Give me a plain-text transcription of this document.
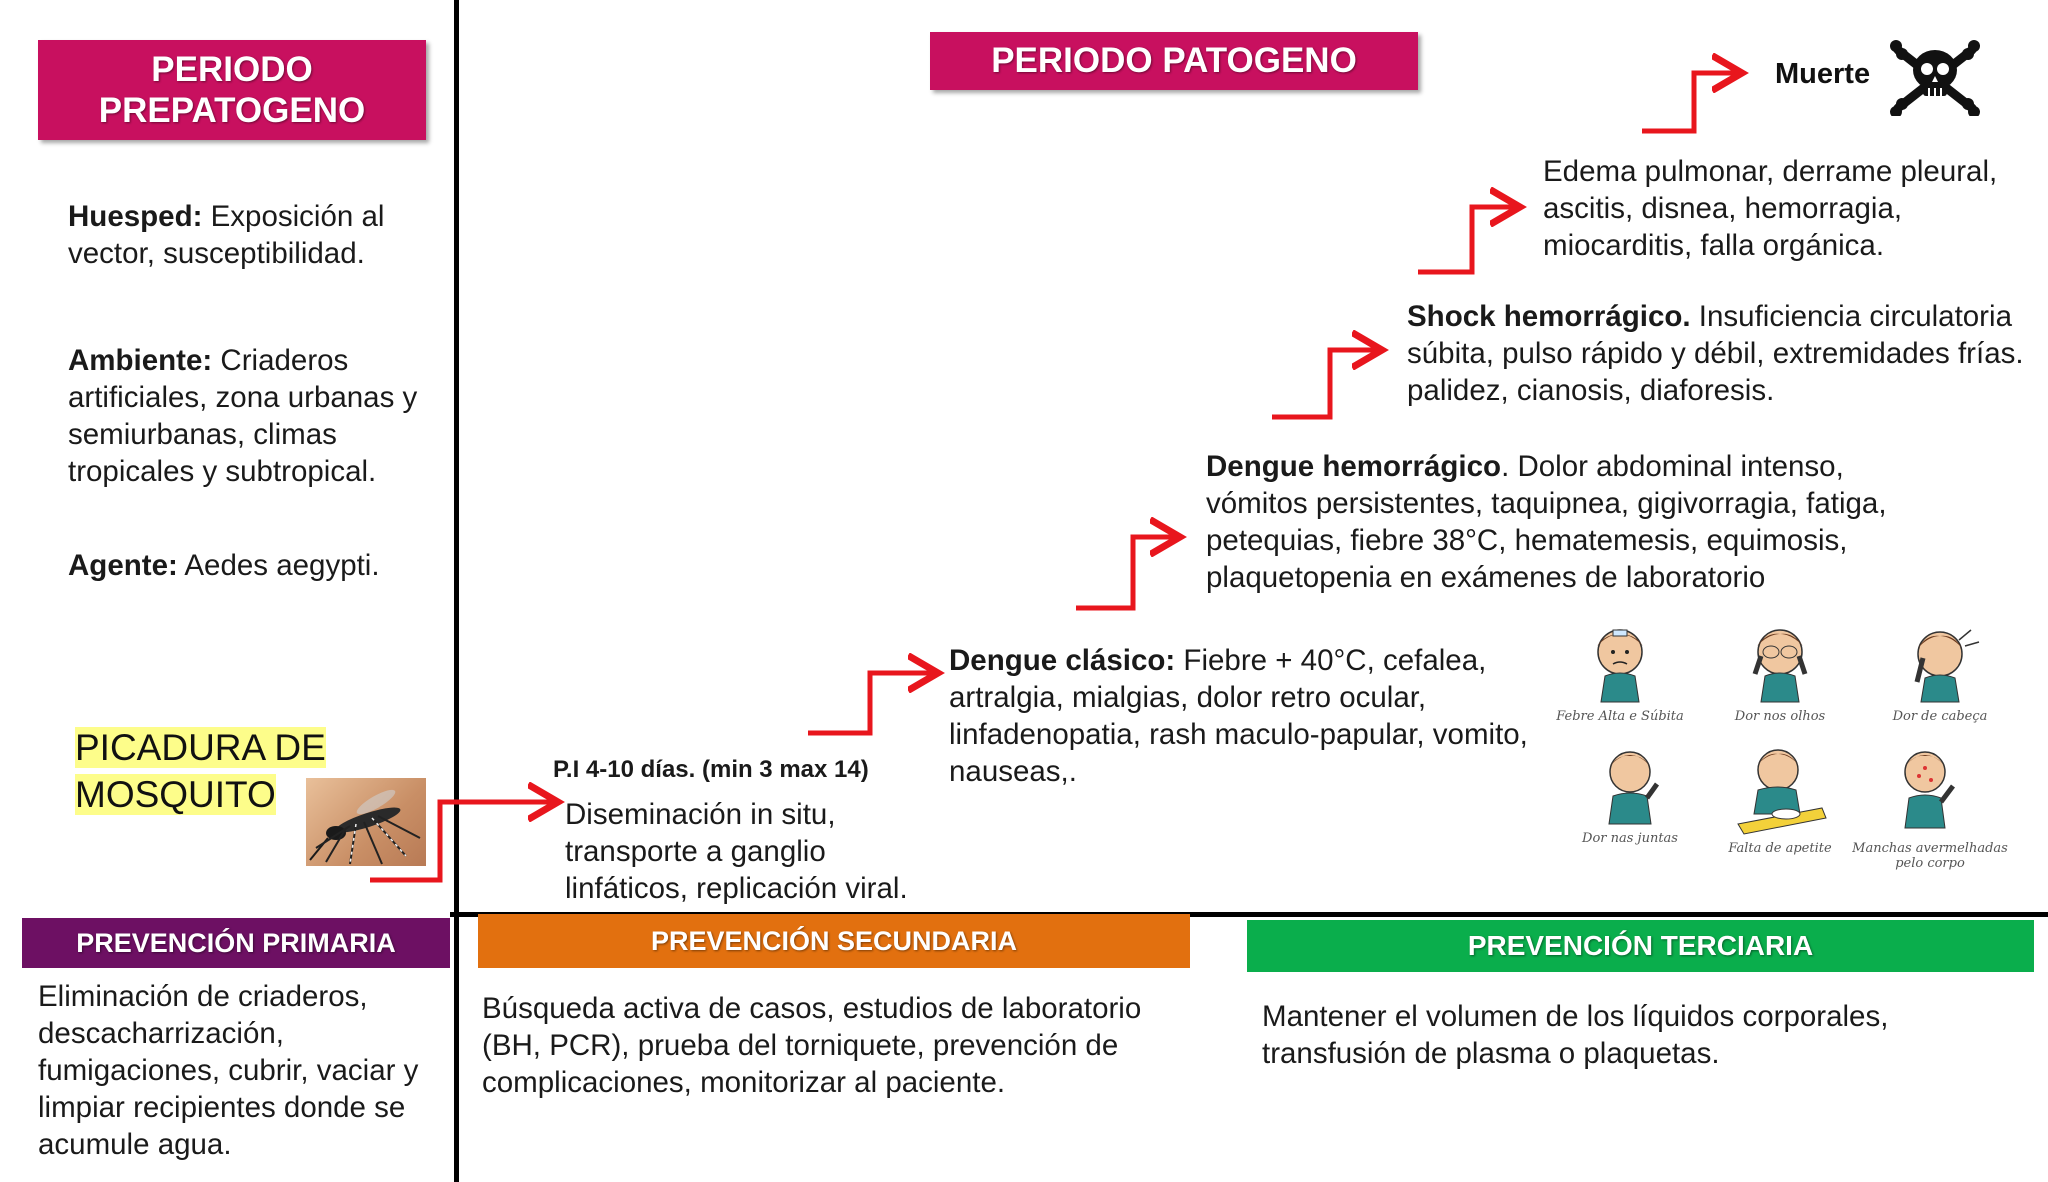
PERIODO PREPATOGENO
PERIODO PATOGENO
Huesped: Exposición al vector, susceptibilidad.
Ambiente: Criaderos artificiales, zona urbanas y semiurbanas, climas tropicales y subtropical.
Agente: Aedes aegypti.
PICADURA DE MOSQUITO
P.I 4-10 días. (min 3 max 14)
Diseminación in situ, transporte a ganglio linfáticos, replicación viral.
Dengue clásico: Fiebre + 40°C, cefalea, artralgia, mialgias, dolor retro ocular, linfadenopatia, rash maculo-papular, vomito, nauseas,.
Dengue hemorrágico. Dolor abdominal intenso, vómitos persistentes, taquipnea, gigivorragia, fatiga, petequias, fiebre 38°C, hematemesis, equimosis, plaquetopenia en exámenes de laboratorio
Shock hemorrágico. Insuficiencia circulatoria súbita, pulso rápido y débil, extremidades frías. palidez, cianosis, diaforesis.
Edema pulmonar, derrame pleural, ascitis, disnea, hemorragia, miocarditis, falla orgánica.
Muerte
Febre Alta e Súbita	Dor nos olhos	Dor de cabeça
Dor nas juntas
Falta de apetite	Manchas avermelhadas pelo corpo
PREVENCIÓN PRIMARIA	PREVENCIÓN SECUNDARIA	PREVENCIÓN TERCIARIA
Eliminación de criaderos, descacharrización, fumigaciones, cubrir, vaciar y limpiar recipientes donde se acumule agua.
Búsqueda activa de casos, estudios de laboratorio (BH, PCR), prueba del torniquete, prevención de complicaciones, monitorizar al paciente.
Mantener el volumen de los líquidos corporales, transfusión de plasma o plaquetas.
